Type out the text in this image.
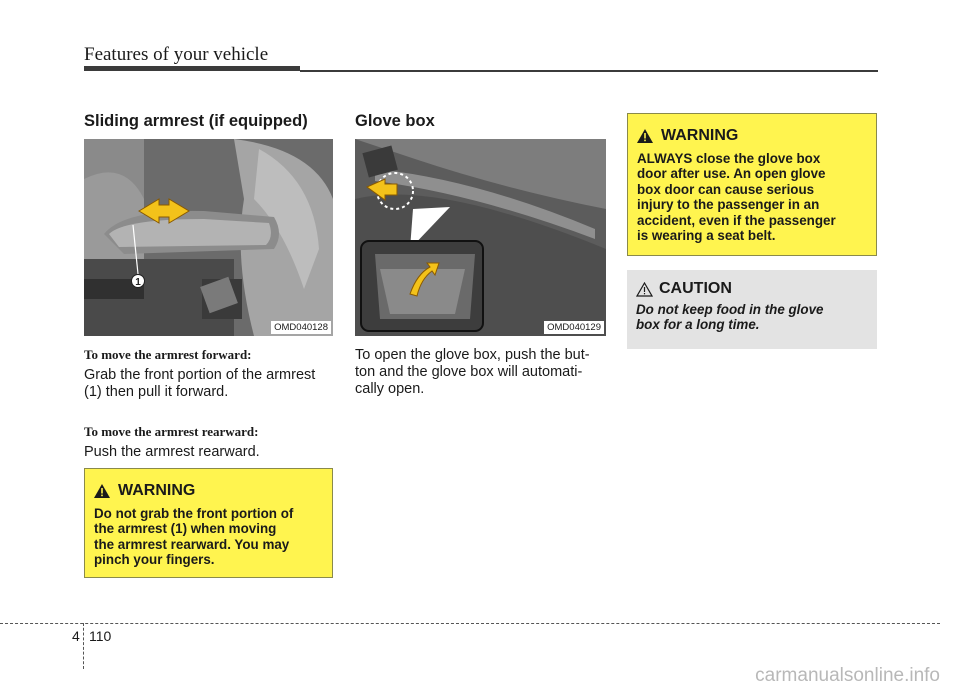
Features of your vehicle
Sliding armrest (if equipped)
1
OMD040128
To move the armrest forward:
Grab the front portion of the armrest
(1) then pull it forward.
To move the armrest rearward:
Push the armrest rearward.
WARNING
Do not grab the front portion of
the armrest (1) when moving
the armrest rearward. You may
pinch your fingers.
Glove box
OMD040129
To open the glove box, push the but-
ton and the glove box will automati-
cally open.
WARNING
ALWAYS close the glove box
door after use. An open glove
box door can cause serious
injury to the passenger in an
accident, even if the passenger
is wearing a seat belt.
CAUTION
Do not keep food in the glove
box for a long time.
4 110
carmanualsonline.info
